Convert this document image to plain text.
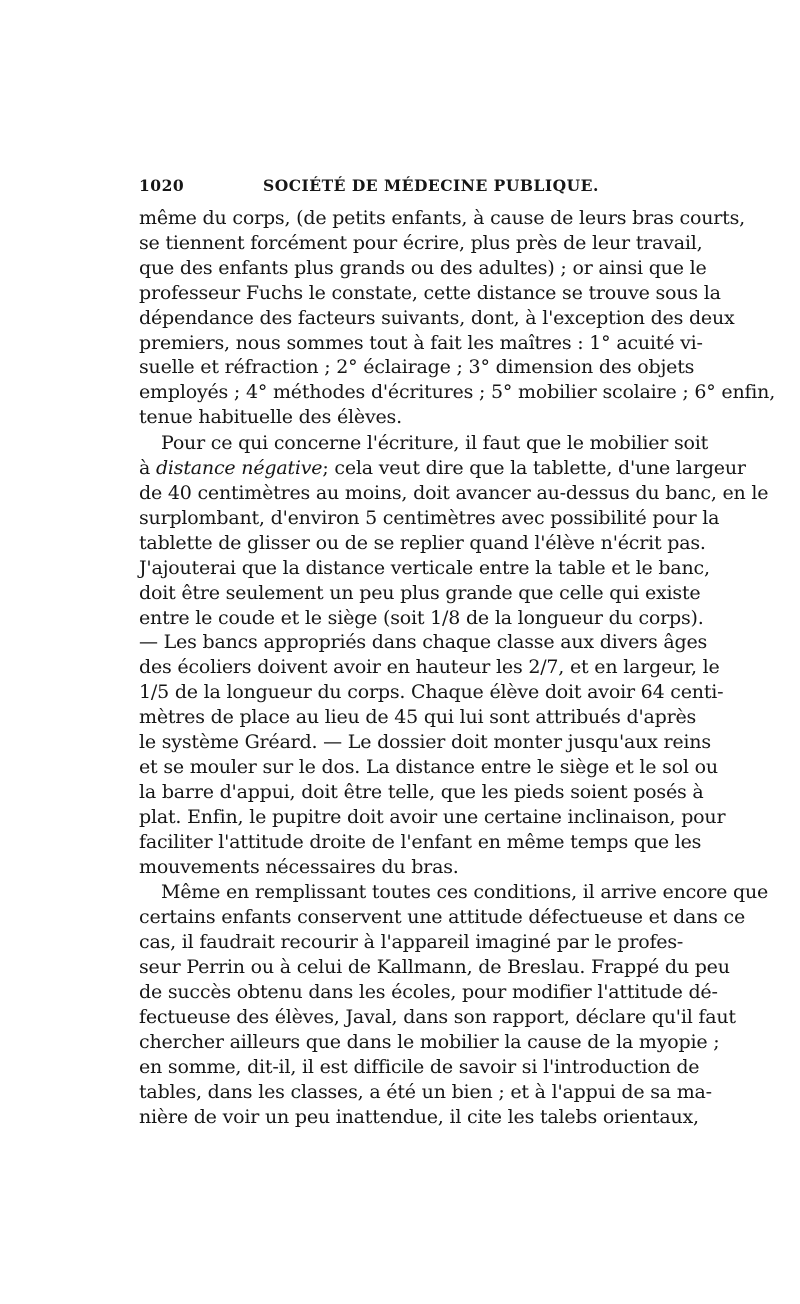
1020	SOCIÉTÉ DE MÉDECINE PUBLIQUE.

même du corps, (de petits enfants, à cause de leurs bras courts,
se tiennent forcément pour écrire, plus près de leur travail,
que des enfants plus grands ou des adultes) ; or ainsi que le
professeur Fuchs le constate, cette distance se trouve sous la
dépendance des facteurs suivants, dont, à l'exception des deux
premiers, nous sommes tout à fait les maîtres : 1° acuité vi-
suelle et réfraction ; 2° éclairage ; 3° dimension des objets
employés ; 4° méthodes d'écritures ; 5° mobilier scolaire ; 6° enfin,
tenue habituelle des élèves.

Pour ce qui concerne l'écriture, il faut que le mobilier soit
à distance négative; cela veut dire que la tablette, d'une largeur
de 40 centimètres au moins, doit avancer au-dessus du banc, en le
surplombant, d'environ 5 centimètres avec possibilité pour la
tablette de glisser ou de se replier quand l'élève n'écrit pas.
J'ajouterai que la distance verticale entre la table et le banc,
doit être seulement un peu plus grande que celle qui existe
entre le coude et le siège (soit 1/8 de la longueur du corps).
— Les bancs appropriés dans chaque classe aux divers âges
des écoliers doivent avoir en hauteur les 2/7, et en largeur, le
1/5 de la longueur du corps. Chaque élève doit avoir 64 centi-
mètres de place au lieu de 45 qui lui sont attribués d'après
le système Gréard. — Le dossier doit monter jusqu'aux reins
et se mouler sur le dos. La distance entre le siège et le sol ou
la barre d'appui, doit être telle, que les pieds soient posés à
plat. Enfin, le pupitre doit avoir une certaine inclinaison, pour
faciliter l'attitude droite de l'enfant en même temps que les
mouvements nécessaires du bras.

Même en remplissant toutes ces conditions, il arrive encore que
certains enfants conservent une attitude défectueuse et dans ce
cas, il faudrait recourir à l'appareil imaginé par le profes-
seur Perrin ou à celui de Kallmann, de Breslau. Frappé du peu
de succès obtenu dans les écoles, pour modifier l'attitude dé-
fectueuse des élèves, Javal, dans son rapport, déclare qu'il faut
chercher ailleurs que dans le mobilier la cause de la myopie ;
en somme, dit-il, il est difficile de savoir si l'introduction de
tables, dans les classes, a été un bien ; et à l'appui de sa ma-
nière de voir un peu inattendue, il cite les talebs orientaux,
